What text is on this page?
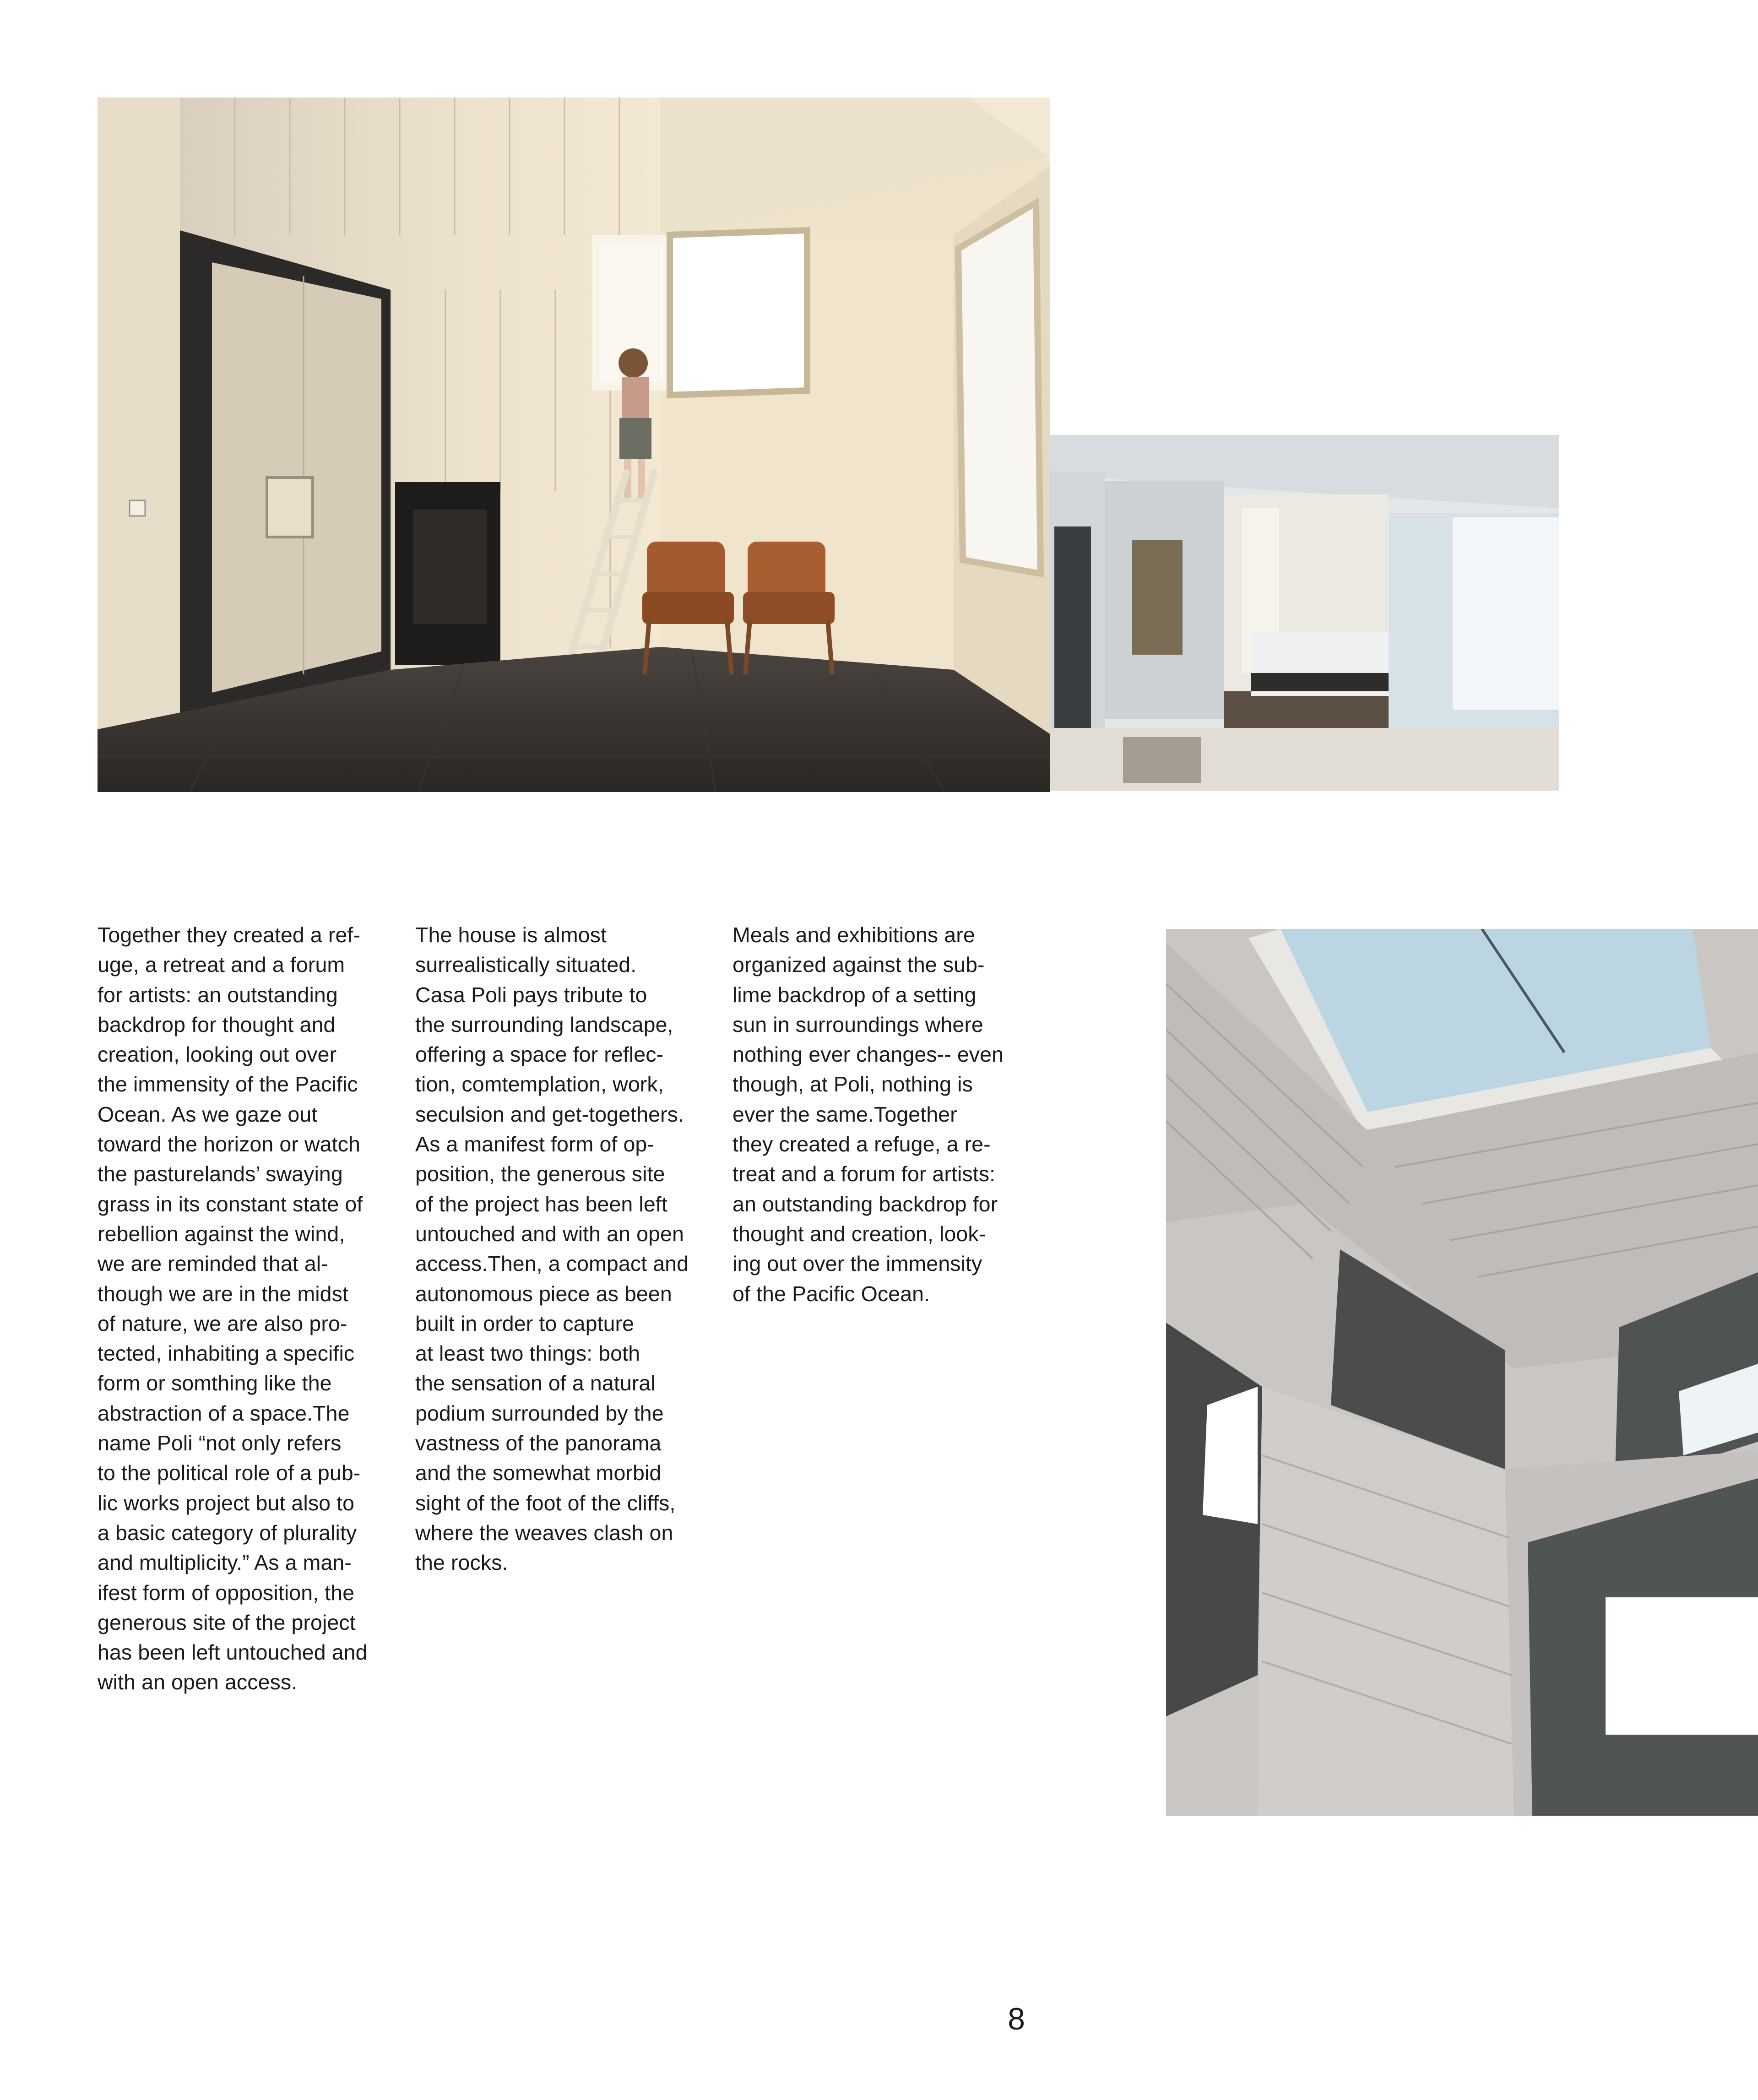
Together they created a ref-
uge, a retreat and a forum
for artists: an outstanding
backdrop for thought and
creation, looking out over
the immensity of the Pacific
Ocean. As we gaze out
toward the horizon or watch
the pasturelands’ swaying
grass in its constant state of
rebellion against the wind,
we are reminded that al-
though we are in the midst
of nature, we are also pro-
tected, inhabiting a specific
form or somthing like the
abstraction of a space.The
name Poli “not only refers
to the political role of a pub-
lic works project but also to
a basic category of plurality
and multiplicity.” As a man-
ifest form of opposition, the
generous site of the project
has been left untouched and
with an open access.

The house is almost
surrealistically situated.
Casa Poli pays tribute to
the surrounding landscape,
offering a space for reflec-
tion, comtemplation, work,
seculsion and get-togethers.
As a manifest form of op-
position, the generous site
of the project has been left
untouched and with an open
access.Then, a compact and
autonomous piece as been
built in order to capture
at least two things: both
the sensation of a natural
podium surrounded by the
vastness of the panorama
and the somewhat morbid
sight of the foot of the cliffs,
where the weaves clash on
the rocks.

Meals and exhibitions are
organized against the sub-
lime backdrop of a setting
sun in surroundings where
nothing ever changes-- even
though, at Poli, nothing is
ever the same.Together
they created a refuge, a re-
treat and a forum for artists:
an outstanding backdrop for
thought and creation, look-
ing out over the immensity
of the Pacific Ocean.

8
